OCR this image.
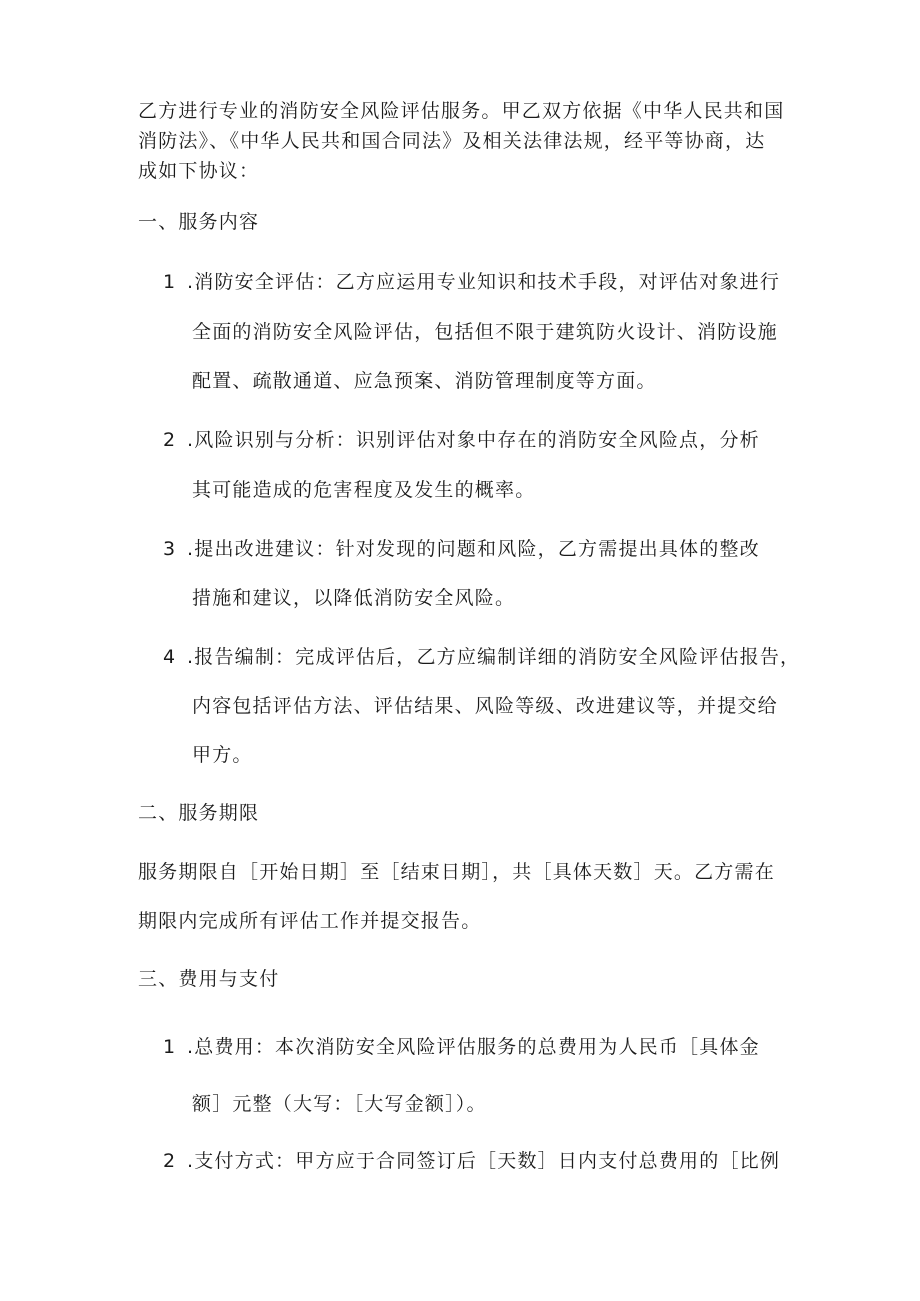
乙方进行专业的消防安全风险评估服务。甲乙双方依据《中华人民共和国
消防法》、《中华人民共和国合同法》及相关法律法规，经平等协商，达
成如下协议：
一、服务内容
1 .消防安全评估：乙方应运用专业知识和技术手段，对评估对象进行
全面的消防安全风险评估，包括但不限于建筑防火设计、消防设施
配置、疏散通道、应急预案、消防管理制度等方面。
2 .风险识别与分析：识别评估对象中存在的消防安全风险点，分析
其可能造成的危害程度及发生的概率。
3 .提出改进建议：针对发现的问题和风险，乙方需提出具体的整改
措施和建议，以降低消防安全风险。
4 .报告编制：完成评估后，乙方应编制详细的消防安全风险评估报告，
内容包括评估方法、评估结果、风险等级、改进建议等，并提交给
甲方。
二、服务期限
服务期限自［开始日期］至［结束日期］，共［具体天数］天。乙方需在
期限内完成所有评估工作并提交报告。
三、费用与支付
1 .总费用：本次消防安全风险评估服务的总费用为人民币［具体金
额］元整（大写：［大写金额］）。
2 .支付方式：甲方应于合同签订后［天数］日内支付总费用的［比例
